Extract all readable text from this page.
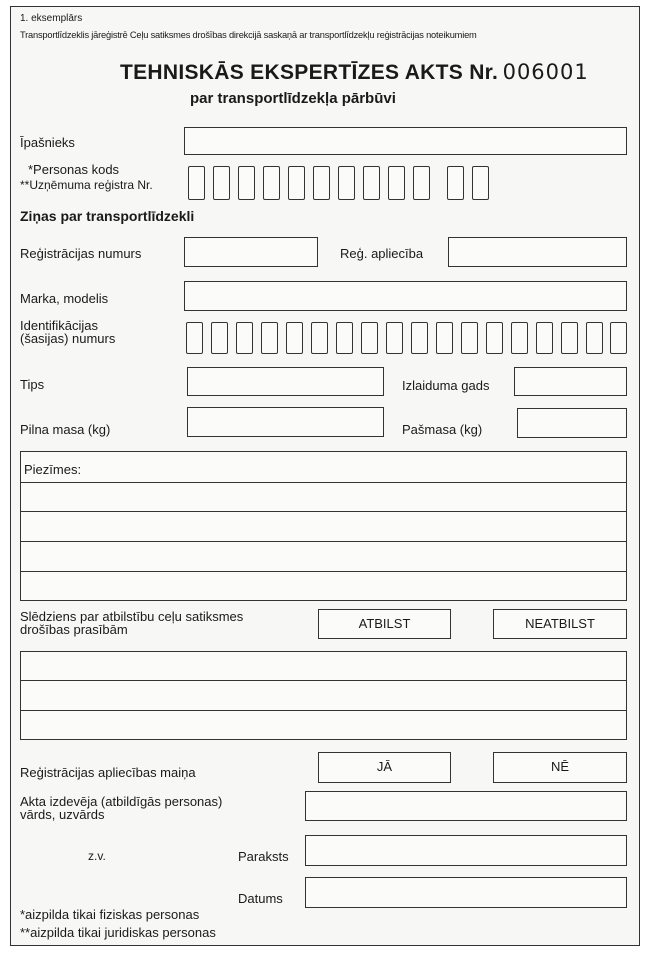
1. eksemplārs
Transportlīdzeklis jāreģistrē Ceļu satiksmes drošības direkcijā saskaņā ar transportlīdzekļu reģistrācijas noteikumiem
TEHNISKĀS EKSPERTĪZES AKTS Nr. 006001
par transportlīdzekļa pārbūvi
Īpašnieks
*Personas kods
**Uzņēmuma reģistra Nr.
Ziņas par transportlīdzekli
Reģistrācijas numurs	Reģ. apliecība
Marka, modelis
Identifikācijas
(šasijas) numurs
Tips	Izlaiduma gads
Pilna masa (kg)	Pašmasa (kg)
Piezīmes:
Slēdziens par atbilstību ceļu satiksmes
drošības prasībām	ATBILST	NEATBILST
Reģistrācijas apliecības maiņa	JĀ	NĒ
Akta izdevēja (atbildīgās personas)
vārds, uzvārds
z.v.	Paraksts
Datums
*aizpilda tikai fiziskas personas
**aizpilda tikai juridiskas personas
